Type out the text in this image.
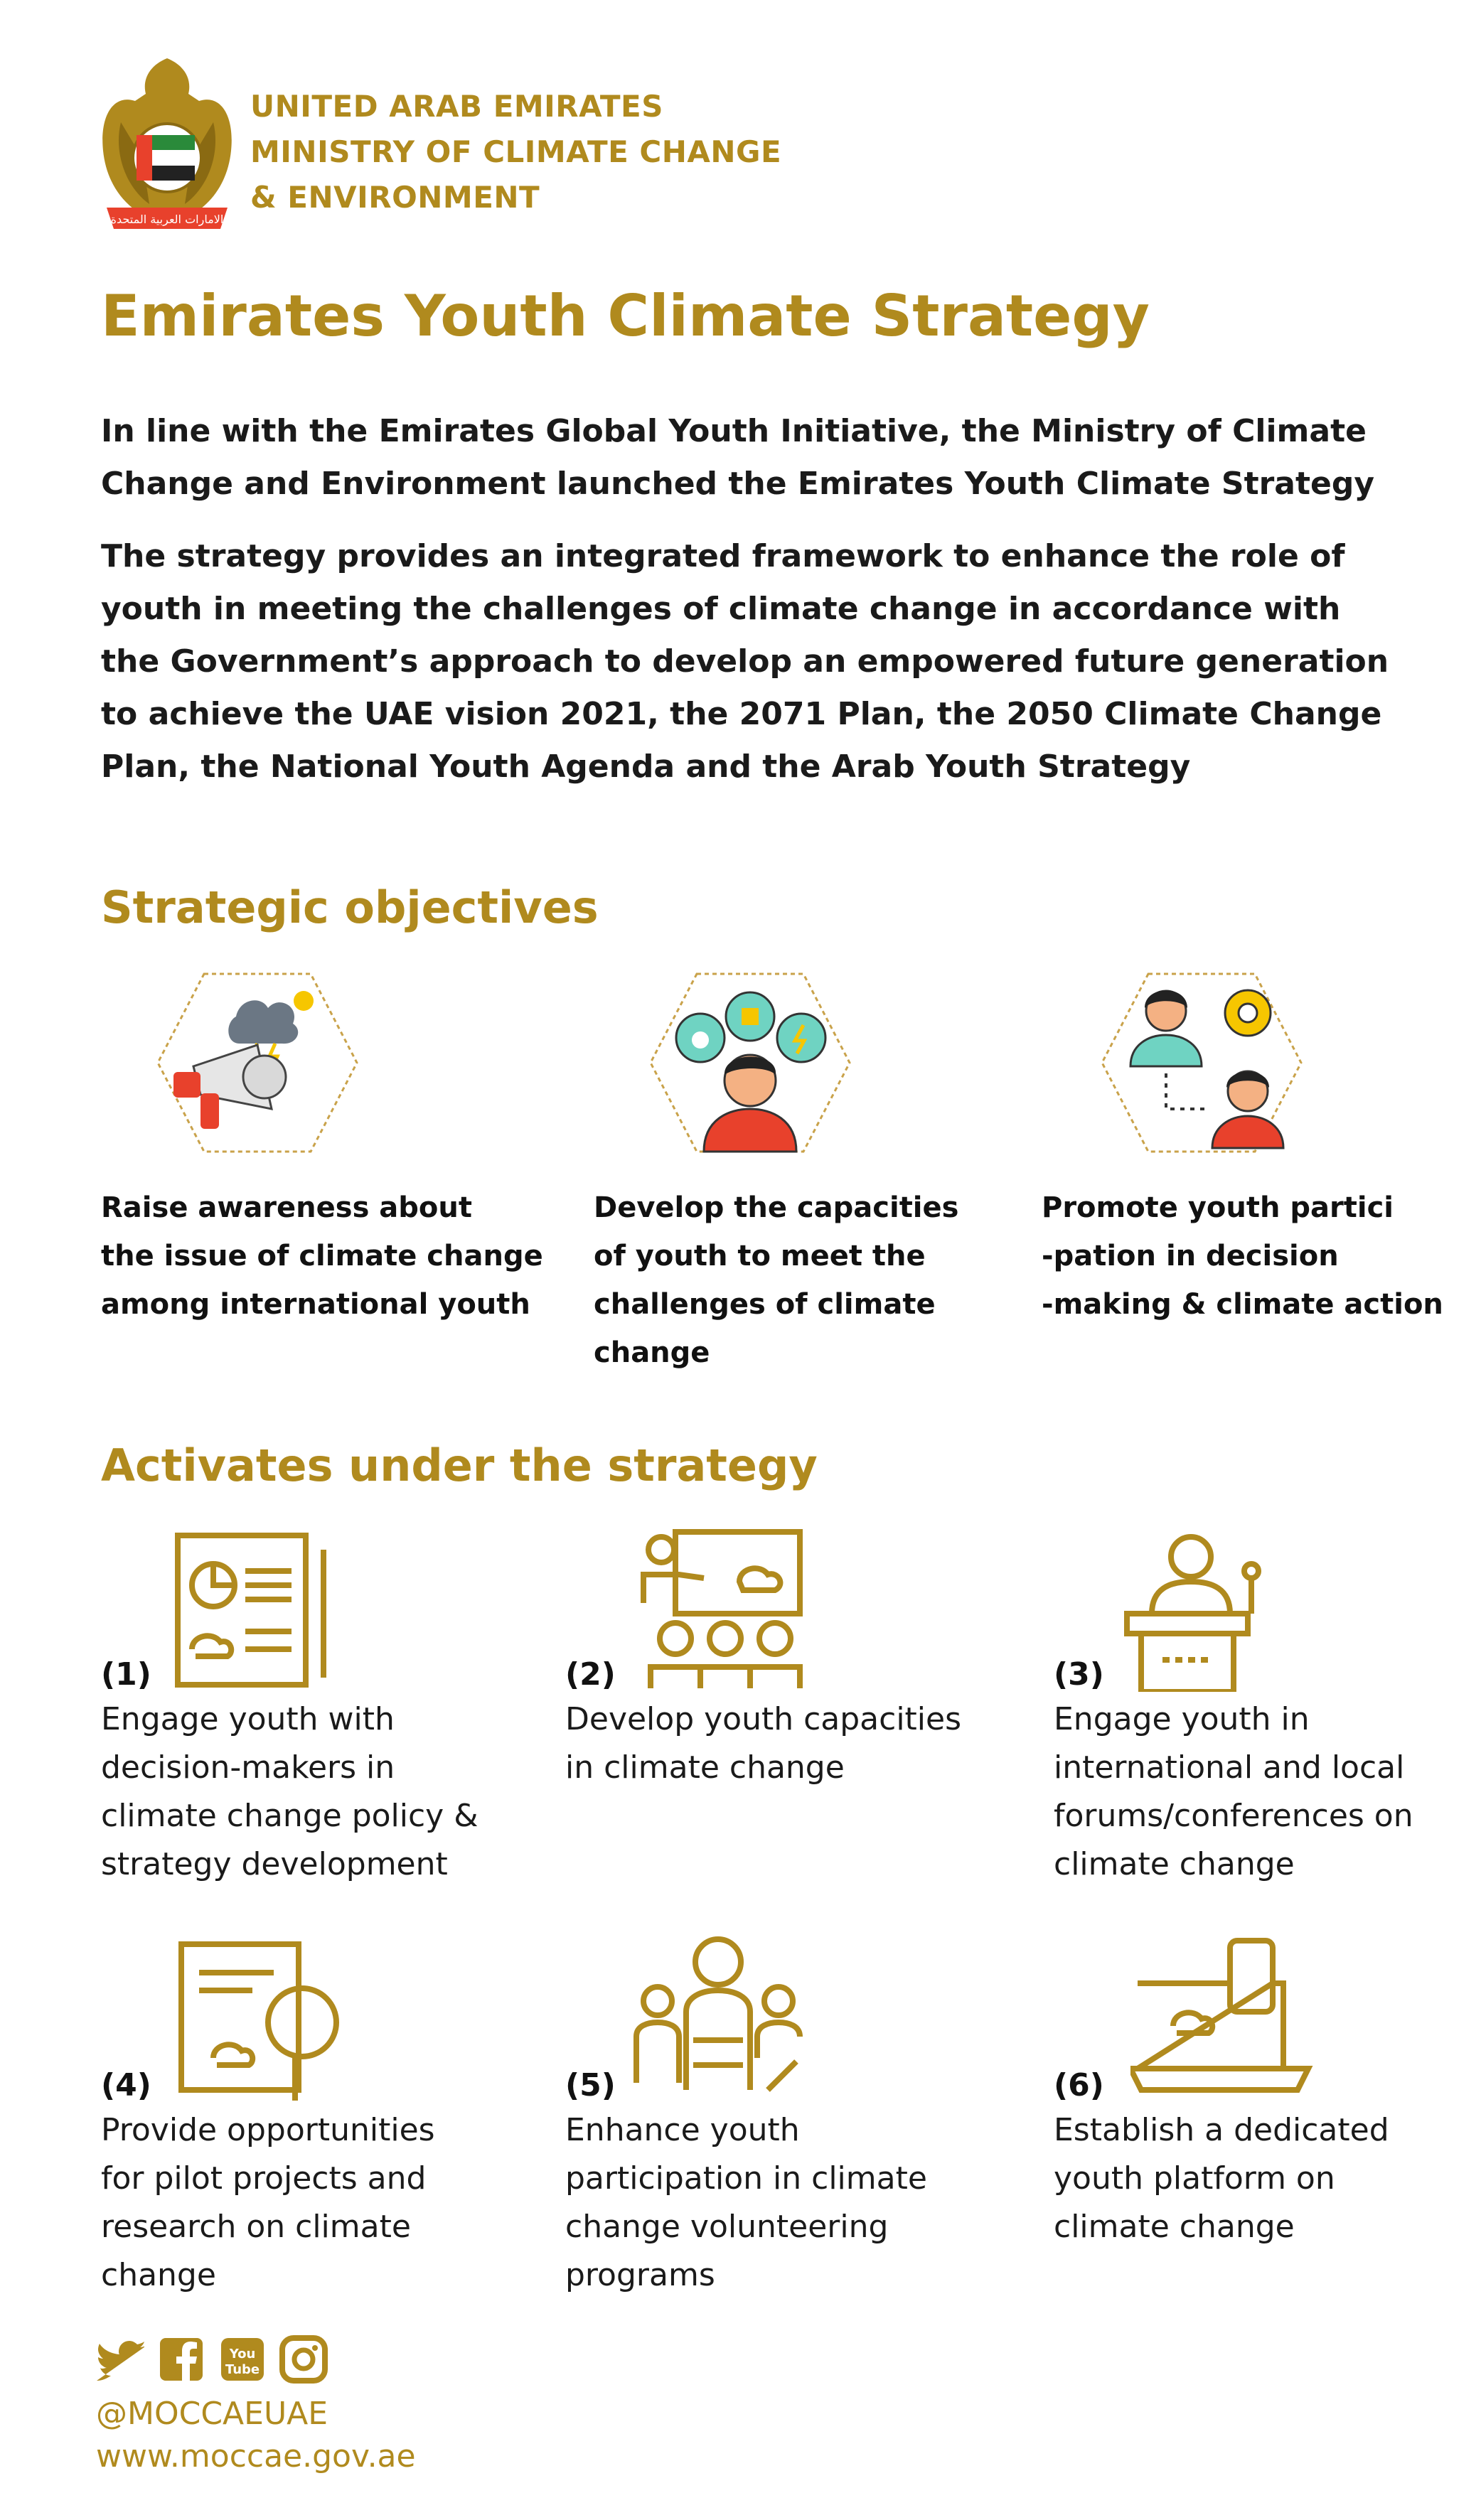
الامارات العربية المتحدة
UNITED ARAB EMIRATES
MINISTRY OF CLIMATE CHANGE
& ENVIRONMENT
Emirates Youth Climate Strategy

In line with the Emirates Global Youth Initiative, the Ministry of Climate Change and Environment launched the Emirates Youth Climate Strategy

The strategy provides an integrated framework to enhance the role of youth in meeting the challenges of climate change in accordance with the Government’s approach to develop an empowered future generation to achieve the UAE vision 2021, the 2071 Plan, the 2050 Climate Change Plan, the National Youth Agenda and the Arab Youth Strategy

Strategic objectives
Raise awareness about
the issue of climate change
among international youth
Develop the capacities
of youth to meet the
challenges of climate
change
Promote youth partici
-pation in decision
-making & climate action
Activates under the strategy
(1)
Engage youth with
decision-makers in
climate change policy &
strategy development
(2)
Develop youth capacities
in climate change
(3)
Engage youth in
international and local
forums/conferences on
climate change
(4)
Provide opportunities
for pilot projects and
research on climate
change
(5)
Enhance youth
participation in climate
change volunteering
programs
(6)
Establish a dedicated
youth platform on
climate change
You
Tube
@MOCCAEUAE
www.moccae.gov.ae
